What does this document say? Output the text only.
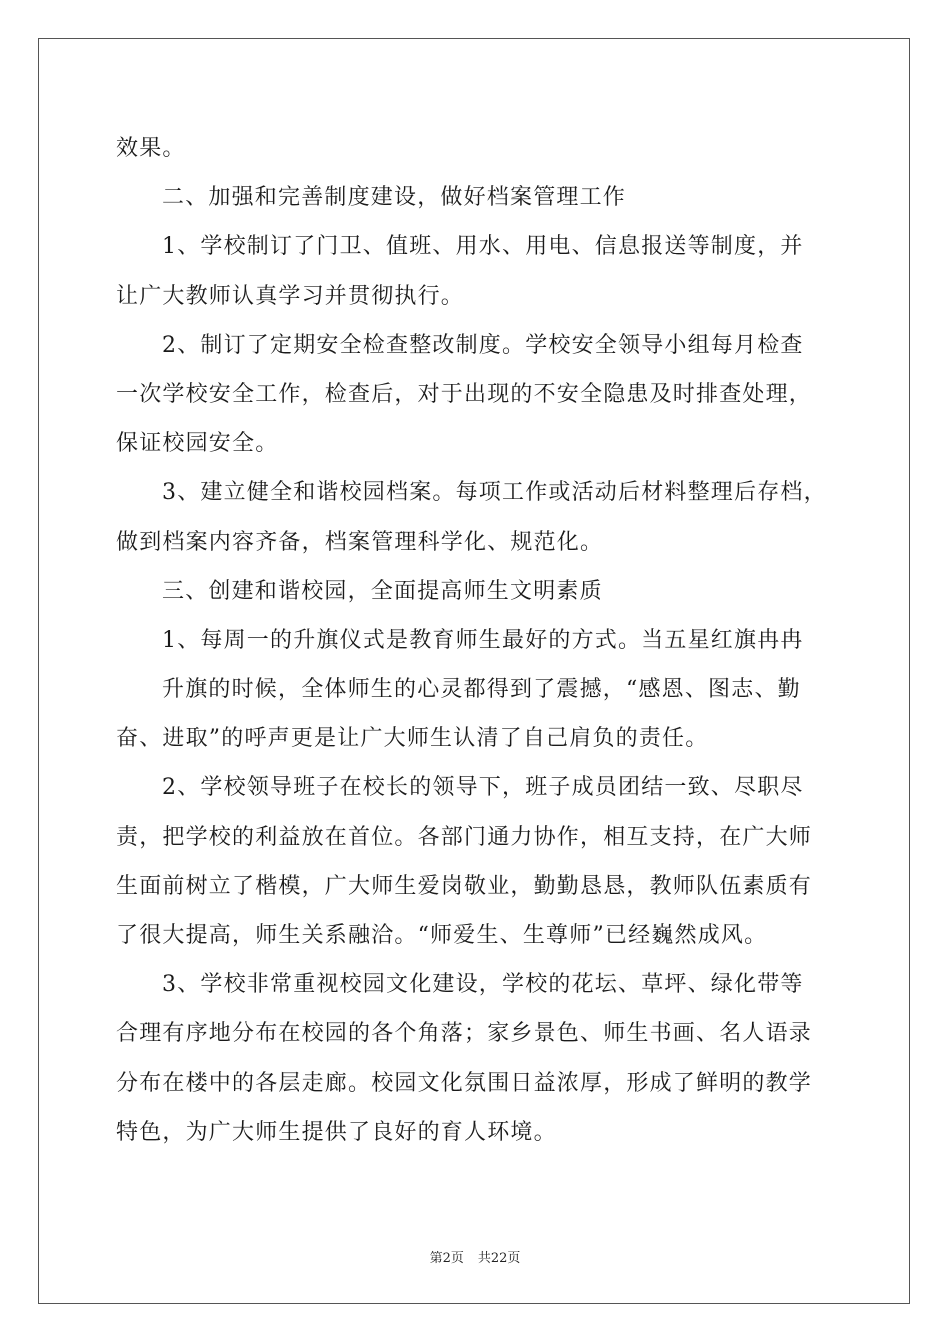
效果。
二、加强和完善制度建设，做好档案管理工作
1、学校制订了门卫、值班、用水、用电、信息报送等制度，并
让广大教师认真学习并贯彻执行。
2、制订了定期安全检查整改制度。学校安全领导小组每月检查
一次学校安全工作，检查后，对于出现的不安全隐患及时排查处理，
保证校园安全。
3、建立健全和谐校园档案。每项工作或活动后材料整理后存档，
做到档案内容齐备，档案管理科学化、规范化。
三、创建和谐校园，全面提高师生文明素质
1、每周一的升旗仪式是教育师生最好的方式。当五星红旗冉冉
升旗的时候，全体师生的心灵都得到了震撼，“感恩、图志、勤
奋、进取”的呼声更是让广大师生认清了自己肩负的责任。
2、学校领导班子在校长的领导下，班子成员团结一致、尽职尽
责，把学校的利益放在首位。各部门通力协作，相互支持，在广大师
生面前树立了楷模，广大师生爱岗敬业，勤勤恳恳，教师队伍素质有
了很大提高，师生关系融洽。“师爱生、生尊师”已经巍然成风。
3、学校非常重视校园文化建设，学校的花坛、草坪、绿化带等
合理有序地分布在校园的各个角落；家乡景色、师生书画、名人语录
分布在楼中的各层走廊。校园文化氛围日益浓厚，形成了鲜明的教学
特色，为广大师生提供了良好的育人环境。
第2页 共22页
